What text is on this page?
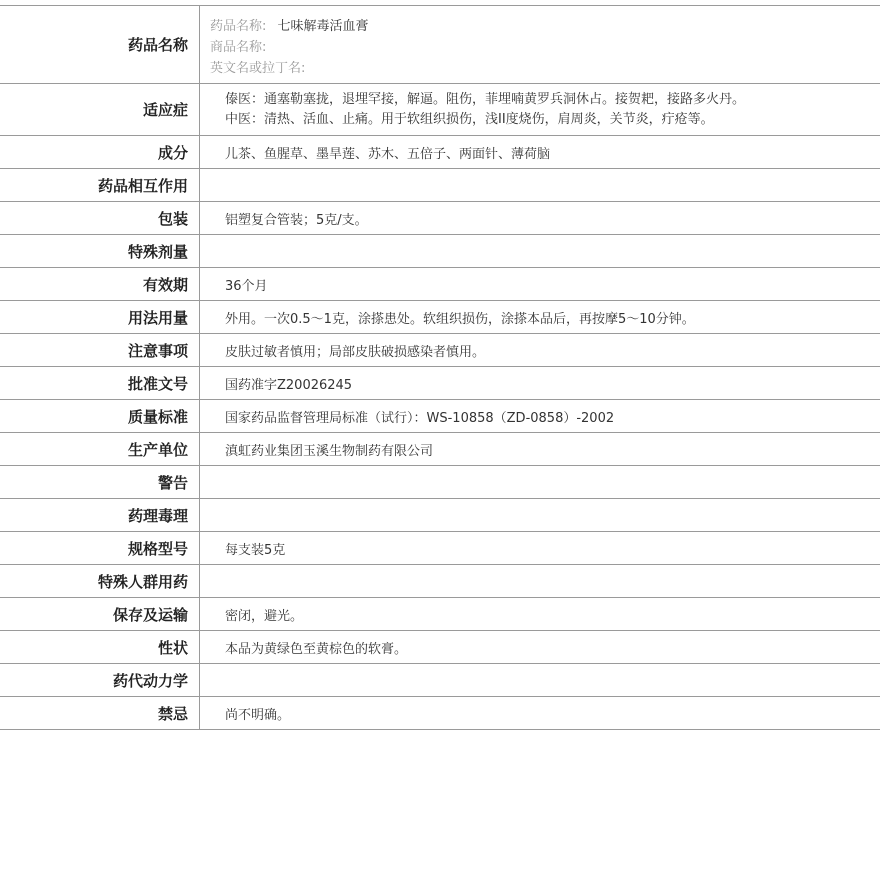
药品名称
药品名称: 七味解毒活血膏
商品名称:
英文名或拉丁名:
适应症
傣医：通塞勒塞拢，退埋罕接，解逼。阻伤，菲埋喃黄罗兵洞休占。接贺耙，接路多火丹。
中医：清热、活血、止痛。用于软组织损伤，浅II度烧伤，肩周炎，关节炎，疔疮等。
成分	儿茶、鱼腥草、墨旱莲、苏木、五倍子、两面针、薄荷脑
药品相互作用
包装	铝塑复合管装；5克/支。
特殊剂量
有效期	36个月
用法用量	外用。一次0.5～1克，涂搽患处。软组织损伤，涂搽本品后，再按摩5～10分钟。
注意事项	皮肤过敏者慎用；局部皮肤破损感染者慎用。
批准文号	国药准字Z20026245
质量标准	国家药品监督管理局标准（试行）：WS-10858（ZD-0858）-2002
生产单位	滇虹药业集团玉溪生物制药有限公司
警告
药理毒理
规格型号	每支装5克
特殊人群用药
保存及运输	密闭，避光。
性状	本品为黄绿色至黄棕色的软膏。
药代动力学
禁忌	尚不明确。
